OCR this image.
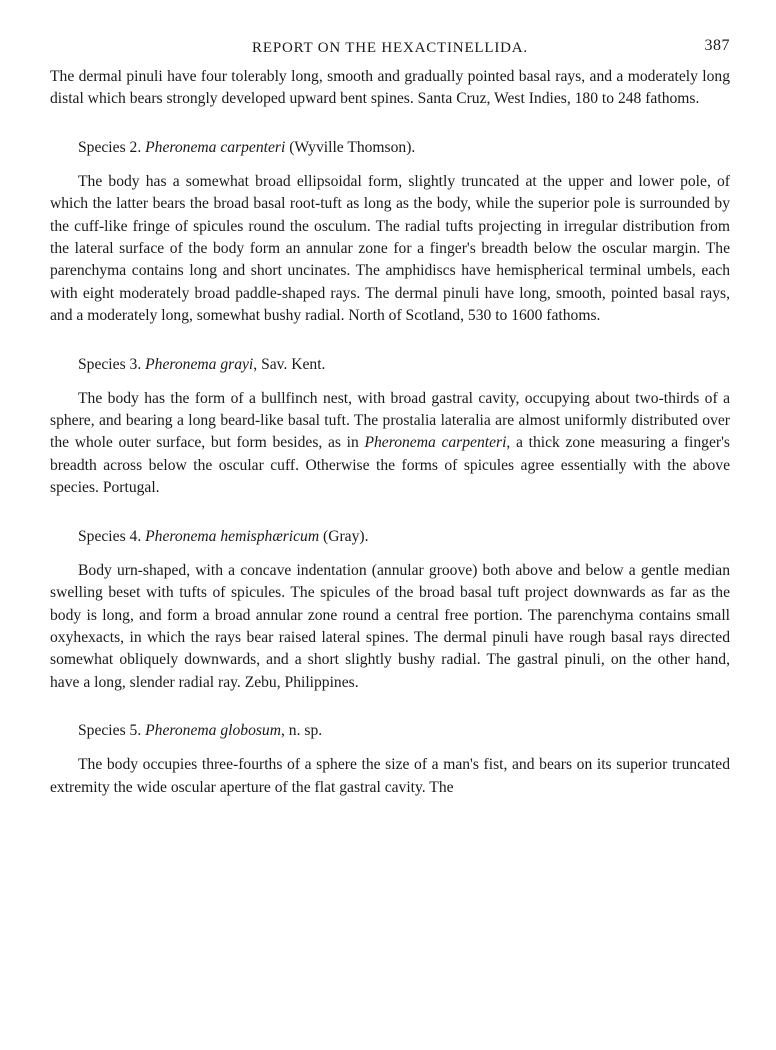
REPORT ON THE HEXACTINELLIDA.	387

The dermal pinuli have four tolerably long, smooth and gradually pointed basal rays, and a moderately long distal which bears strongly developed upward bent spines. Santa Cruz, West Indies, 180 to 248 fathoms.

Species 2. Pheronema carpenteri (Wyville Thomson).

The body has a somewhat broad ellipsoidal form, slightly truncated at the upper and lower pole, of which the latter bears the broad basal root-tuft as long as the body, while the superior pole is surrounded by the cuff-like fringe of spicules round the osculum. The radial tufts projecting in irregular distribution from the lateral surface of the body form an annular zone for a finger's breadth below the oscular margin. The parenchyma contains long and short uncinates. The amphidiscs have hemispherical terminal umbels, each with eight moderately broad paddle-shaped rays. The dermal pinuli have long, smooth, pointed basal rays, and a moderately long, somewhat bushy radial. North of Scotland, 530 to 1600 fathoms.

Species 3. Pheronema grayi, Sav. Kent.

The body has the form of a bullfinch nest, with broad gastral cavity, occupying about two-thirds of a sphere, and bearing a long beard-like basal tuft. The prostalia lateralia are almost uniformly distributed over the whole outer surface, but form besides, as in Pheronema carpenteri, a thick zone measuring a finger's breadth across below the oscular cuff. Otherwise the forms of spicules agree essentially with the above species. Portugal.

Species 4. Pheronema hemisphæricum (Gray).

Body urn-shaped, with a concave indentation (annular groove) both above and below a gentle median swelling beset with tufts of spicules. The spicules of the broad basal tuft project downwards as far as the body is long, and form a broad annular zone round a central free portion. The parenchyma contains small oxyhexacts, in which the rays bear raised lateral spines. The dermal pinuli have rough basal rays directed somewhat obliquely downwards, and a short slightly bushy radial. The gastral pinuli, on the other hand, have a long, slender radial ray. Zebu, Philippines.

Species 5. Pheronema globosum, n. sp.

The body occupies three-fourths of a sphere the size of a man's fist, and bears on its superior truncated extremity the wide oscular aperture of the flat gastral cavity. The
